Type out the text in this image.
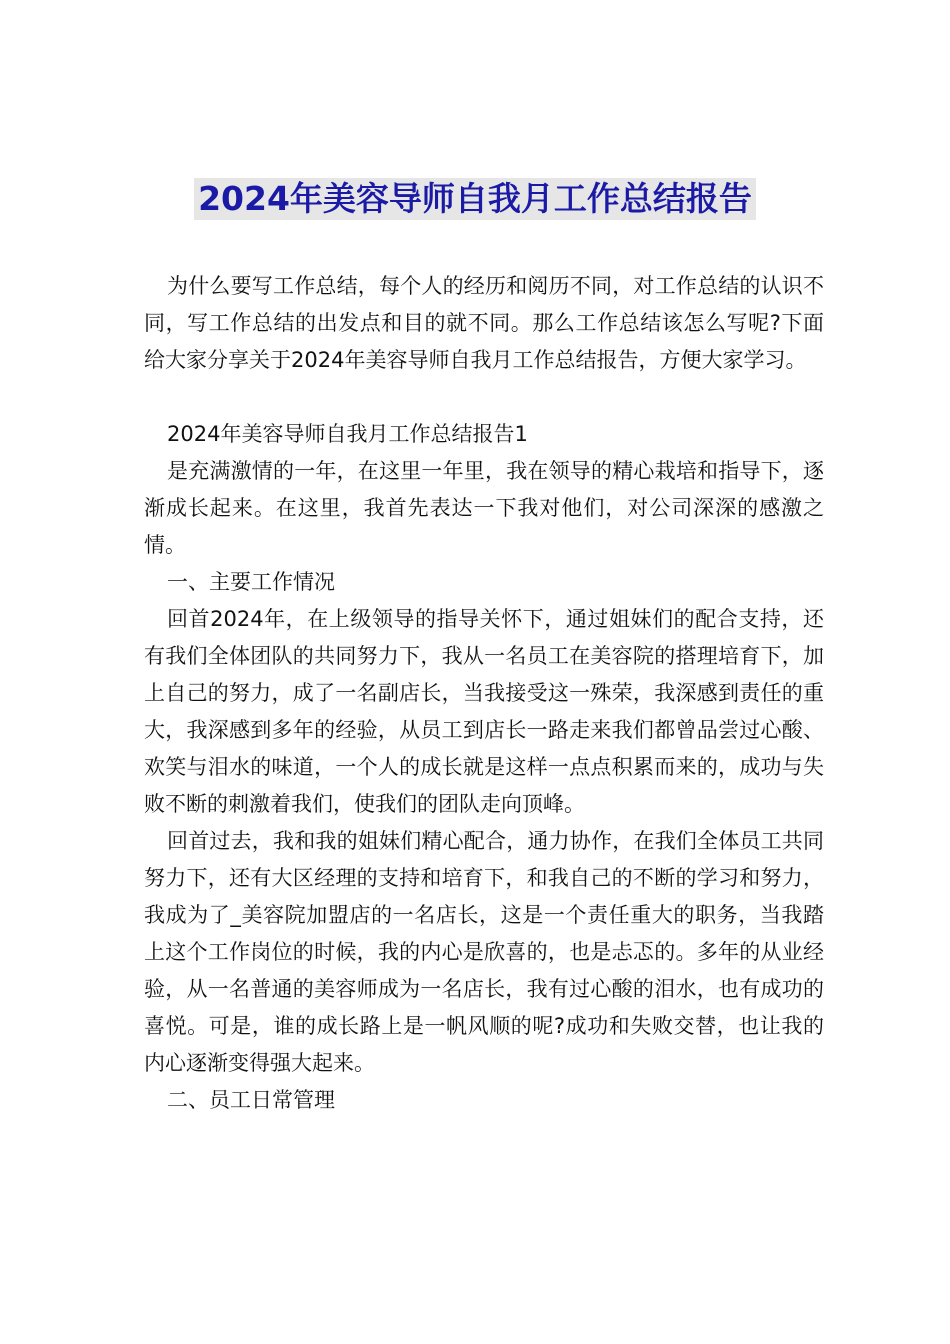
2024年美容导师自我月工作总结报告

为什么要写工作总结，每个人的经历和阅历不同，对工作总结的认识不同，写工作总结的出发点和目的就不同。那么工作总结该怎么写呢?下面给大家分享关于2024年美容导师自我月工作总结报告，方便大家学习。

2024年美容导师自我月工作总结报告1

是充满激情的一年，在这里一年里，我在领导的精心栽培和指导下，逐渐成长起来。在这里，我首先表达一下我对他们，对公司深深的感激之情。

一、主要工作情况

回首2024年，在上级领导的指导关怀下，通过姐妹们的配合支持，还有我们全体团队的共同努力下，我从一名员工在美容院的搭理培育下，加上自己的努力，成了一名副店长，当我接受这一殊荣，我深感到责任的重大，我深感到多年的经验，从员工到店长一路走来我们都曾品尝过心酸、欢笑与泪水的味道，一个人的成长就是这样一点点积累而来的，成功与失败不断的刺激着我们，使我们的团队走向顶峰。

回首过去，我和我的姐妹们精心配合，通力协作，在我们全体员工共同努力下，还有大区经理的支持和培育下，和我自己的不断的学习和努力，我成为了_美容院加盟店的一名店长，这是一个责任重大的职务，当我踏上这个工作岗位的时候，我的内心是欣喜的，也是忐忑的。多年的从业经验，从一名普通的美容师成为一名店长，我有过心酸的泪水，也有成功的喜悦。可是，谁的成长路上是一帆风顺的呢?成功和失败交替，也让我的内心逐渐变得强大起来。

二、员工日常管理
